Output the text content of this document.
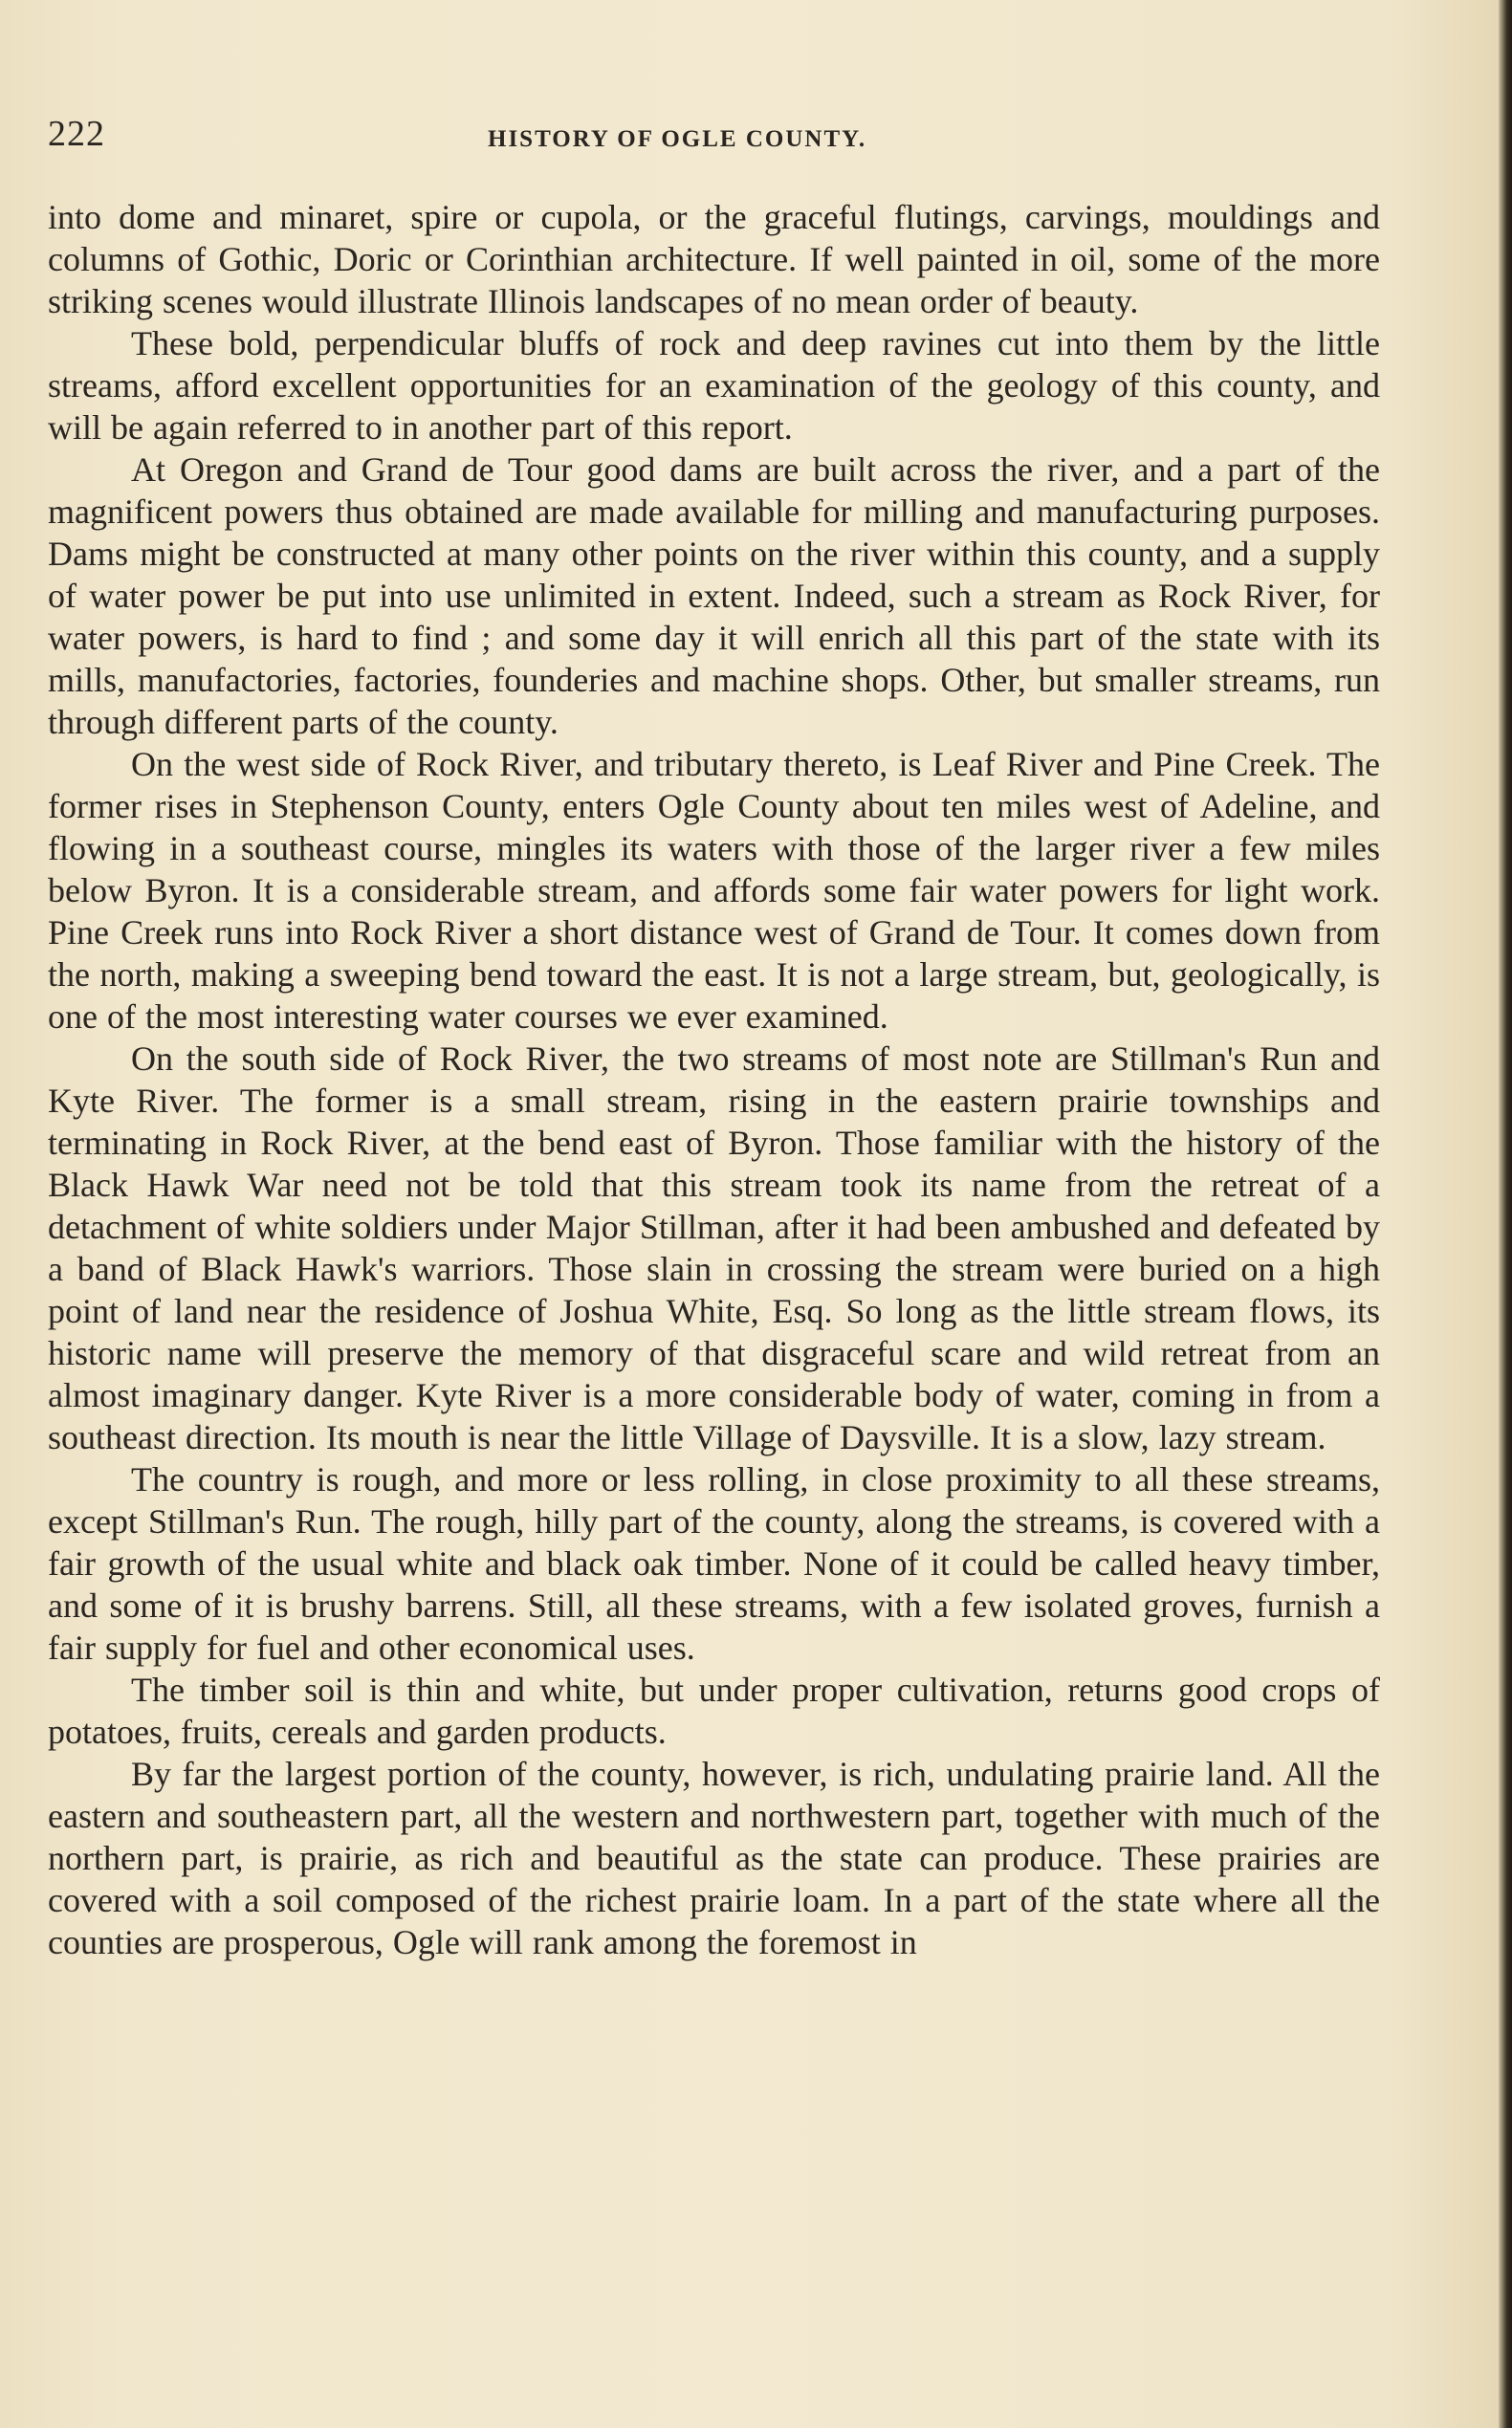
222	HISTORY OF OGLE COUNTY.

into dome and minaret, spire or cupola, or the graceful flutings, carvings, mouldings and columns of Gothic, Doric or Corinthian architecture. If well painted in oil, some of the more striking scenes would illustrate Illinois landscapes of no mean order of beauty.

These bold, perpendicular bluffs of rock and deep ravines cut into them by the little streams, afford excellent opportunities for an examination of the geology of this county, and will be again referred to in another part of this report.

At Oregon and Grand de Tour good dams are built across the river, and a part of the magnificent powers thus obtained are made available for milling and manufacturing purposes. Dams might be constructed at many other points on the river within this county, and a supply of water power be put into use unlimited in extent. Indeed, such a stream as Rock River, for water powers, is hard to find ; and some day it will enrich all this part of the state with its mills, manufactories, factories, founderies and machine shops. Other, but smaller streams, run through different parts of the county.

On the west side of Rock River, and tributary thereto, is Leaf River and Pine Creek. The former rises in Stephenson County, enters Ogle County about ten miles west of Adeline, and flowing in a southeast course, mingles its waters with those of the larger river a few miles below Byron. It is a considerable stream, and affords some fair water powers for light work. Pine Creek runs into Rock River a short distance west of Grand de Tour. It comes down from the north, making a sweeping bend toward the east. It is not a large stream, but, geologically, is one of the most interesting water courses we ever examined.

On the south side of Rock River, the two streams of most note are Stillman's Run and Kyte River. The former is a small stream, rising in the eastern prairie townships and terminating in Rock River, at the bend east of Byron. Those familiar with the history of the Black Hawk War need not be told that this stream took its name from the retreat of a detachment of white soldiers under Major Stillman, after it had been ambushed and defeated by a band of Black Hawk's warriors. Those slain in crossing the stream were buried on a high point of land near the residence of Joshua White, Esq. So long as the little stream flows, its historic name will preserve the memory of that disgraceful scare and wild retreat from an almost imaginary danger. Kyte River is a more considerable body of water, coming in from a southeast direction. Its mouth is near the little Village of Daysville. It is a slow, lazy stream.

The country is rough, and more or less rolling, in close proximity to all these streams, except Stillman's Run. The rough, hilly part of the county, along the streams, is covered with a fair growth of the usual white and black oak timber. None of it could be called heavy timber, and some of it is brushy barrens. Still, all these streams, with a few isolated groves, furnish a fair supply for fuel and other economical uses.

The timber soil is thin and white, but under proper cultivation, returns good crops of potatoes, fruits, cereals and garden products.

By far the largest portion of the county, however, is rich, undulating prairie land. All the eastern and southeastern part, all the western and northwestern part, together with much of the northern part, is prairie, as rich and beautiful as the state can produce. These prairies are covered with a soil composed of the richest prairie loam. In a part of the state where all the counties are prosperous, Ogle will rank among the foremost in
